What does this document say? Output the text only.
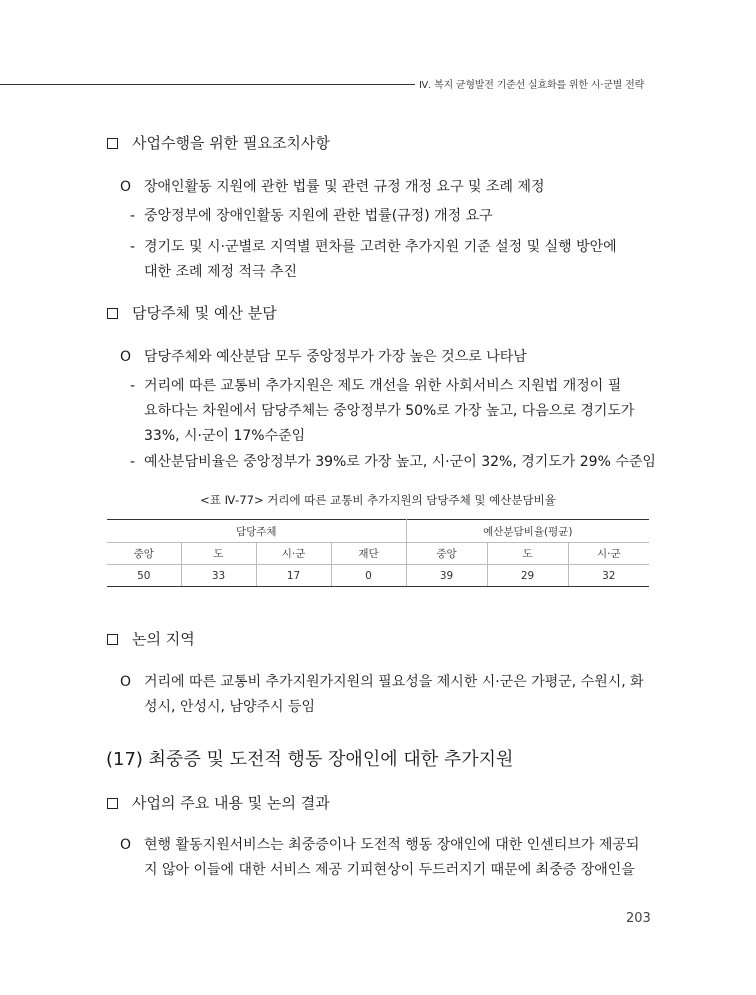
Ⅳ. 복지 균형발전 기준선 실효화를 위한 시·군별 전략
사업수행을 위한 필요조치사항
O 장애인활동 지원에 관한 법률 및 관련 규정 개정 요구 및 조례 제정
- 중앙정부에 장애인활동 지원에 관한 법률(규정) 개정 요구
- 경기도 및 시·군별로 지역별 편차를 고려한 추가지원 기준 설정 및 실행 방안에
대한 조례 제정 적극 추진
담당주체 및 예산 분담
O 담당주체와 예산분담 모두 중앙정부가 가장 높은 것으로 나타남
- 거리에 따른 교통비 추가지원은 제도 개선을 위한 사회서비스 지원법 개정이 필
요하다는 차원에서 담당주체는 중앙정부가 50%로 가장 높고, 다음으로 경기도가
33%, 시·군이 17%수준임
- 예산분담비율은 중앙정부가 39%로 가장 높고, 시·군이 32%, 경기도가 29% 수준임
<표 Ⅳ-77> 거리에 따른 교통비 추가지원의 담당주체 및 예산분담비율
담당주체				예산분담비율(평균)		
중앙	도	시·군	재단	중앙	도	시·군
50	33	17	0	39	29	32
논의 지역
O 거리에 따른 교통비 추가지원가지원의 필요성을 제시한 시·군은 가평군, 수원시, 화
성시, 안성시, 남양주시 등임
(17) 최중증 및 도전적 행동 장애인에 대한 추가지원
사업의 주요 내용 및 논의 결과
O 현행 활동지원서비스는 최중증이나 도전적 행동 장애인에 대한 인센티브가 제공되
지 않아 이들에 대한 서비스 제공 기피현상이 두드러지기 때문에 최중증 장애인을
203
